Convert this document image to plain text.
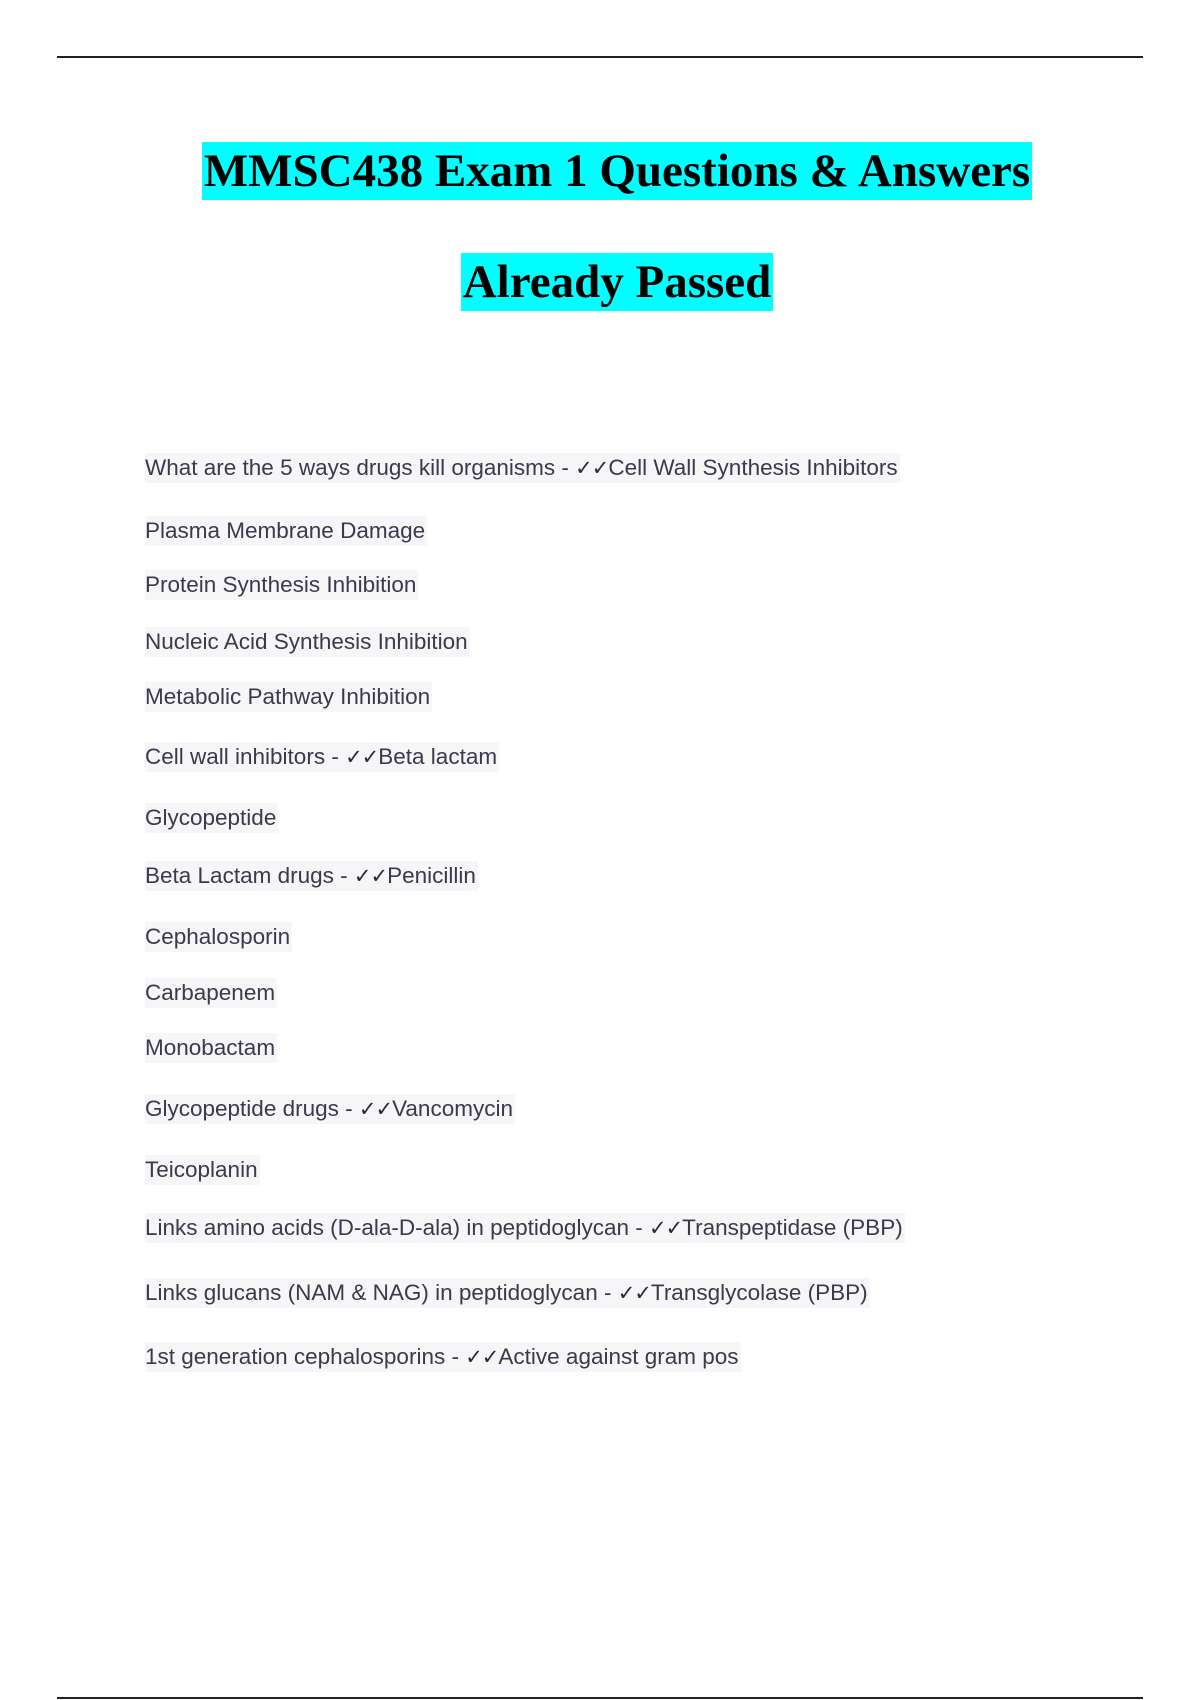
MMSC438 Exam 1 Questions & Answers
Already Passed
What are the 5 ways drugs kill organisms - ✓✓Cell Wall Synthesis Inhibitors
Plasma Membrane Damage
Protein Synthesis Inhibition
Nucleic Acid Synthesis Inhibition
Metabolic Pathway Inhibition
Cell wall inhibitors - ✓✓Beta lactam
Glycopeptide
Beta Lactam drugs - ✓✓Penicillin
Cephalosporin
Carbapenem
Monobactam
Glycopeptide drugs - ✓✓Vancomycin
Teicoplanin
Links amino acids (D-ala-D-ala) in peptidoglycan - ✓✓Transpeptidase (PBP)
Links glucans (NAM & NAG) in peptidoglycan - ✓✓Transglycolase (PBP)
1st generation cephalosporins - ✓✓Active against gram pos
